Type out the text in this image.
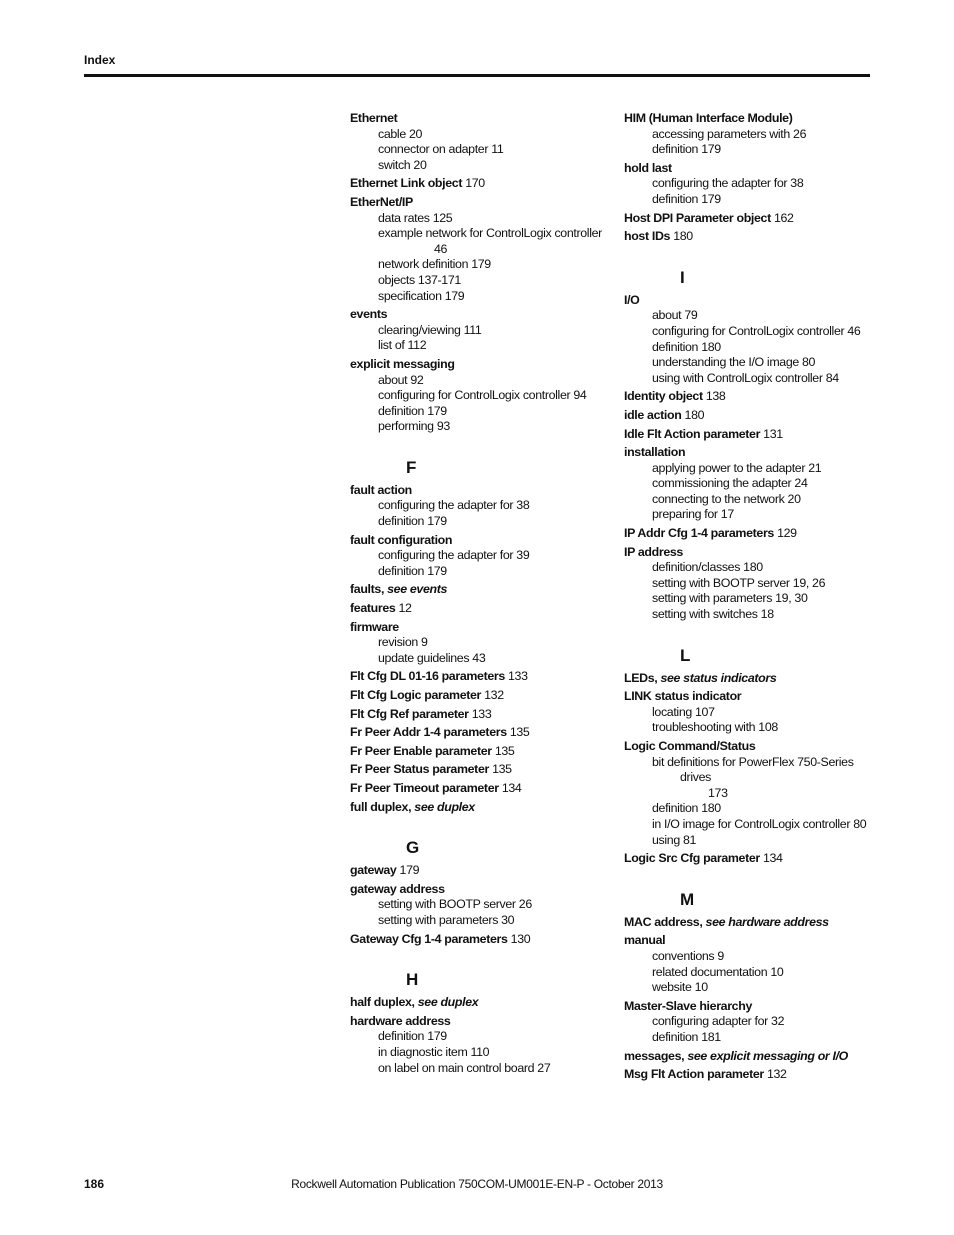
Index
Ethernet
cable 20
connector on adapter 11
switch 20
Ethernet Link object 170
EtherNet/IP
data rates 125
example network for ControlLogix controller
46
network definition 179
objects 137-171
specification 179
events
clearing/viewing 111
list of 112
explicit messaging
about 92
configuring for ControlLogix controller 94
definition 179
performing 93
F
fault action
configuring the adapter for 38
definition 179
fault configuration
configuring the adapter for 39
definition 179
faults, see events
features 12
firmware
revision 9
update guidelines 43
Flt Cfg DL 01-16 parameters 133
Flt Cfg Logic parameter 132
Flt Cfg Ref parameter 133
Fr Peer Addr 1-4 parameters 135
Fr Peer Enable parameter 135
Fr Peer Status parameter 135
Fr Peer Timeout parameter 134
full duplex, see duplex
G
gateway 179
gateway address
setting with BOOTP server 26
setting with parameters 30
Gateway Cfg 1-4 parameters 130
H
half duplex, see duplex
hardware address
definition 179
in diagnostic item 110
on label on main control board 27
HIM (Human Interface Module)
accessing parameters with 26
definition 179
hold last
configuring the adapter for 38
definition 179
Host DPI Parameter object 162
host IDs 180
I
I/O
about 79
configuring for ControlLogix controller 46
definition 180
understanding the I/O image 80
using with ControlLogix controller 84
Identity object 138
idle action 180
Idle Flt Action parameter 131
installation
applying power to the adapter 21
commissioning the adapter 24
connecting to the network 20
preparing for 17
IP Addr Cfg 1-4 parameters 129
IP address
definition/classes 180
setting with BOOTP server 19, 26
setting with parameters 19, 30
setting with switches 18
L
LEDs, see status indicators
LINK status indicator
locating 107
troubleshooting with 108
Logic Command/Status
bit definitions for PowerFlex 750-Series drives
173
definition 180
in I/O image for ControlLogix controller 80
using 81
Logic Src Cfg parameter 134
M
MAC address, see hardware address
manual
conventions 9
related documentation 10
website 10
Master-Slave hierarchy
configuring adapter for 32
definition 181
messages, see explicit messaging or I/O
Msg Flt Action parameter 132
186	Rockwell Automation Publication 750COM-UM001E-EN-P - October 2013
